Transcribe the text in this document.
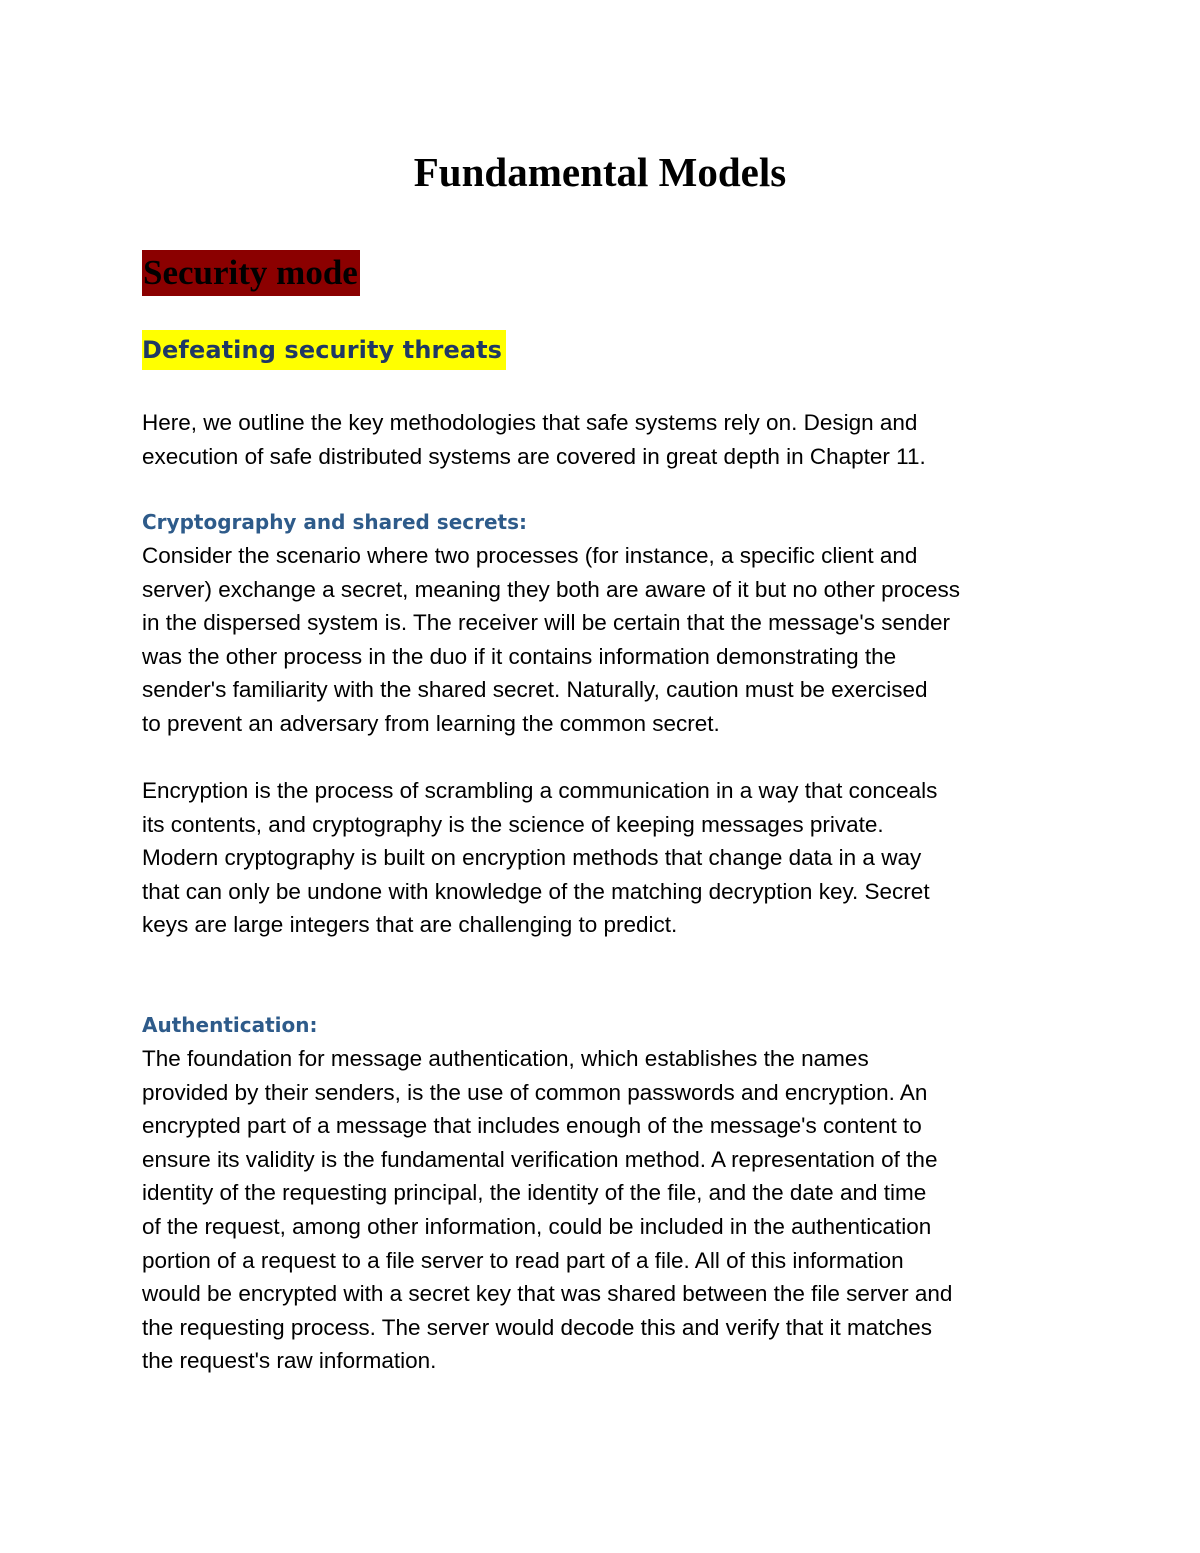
Fundamental Models
Security mode
Defeating security threats

Here, we outline the key methodologies that safe systems rely on. Design and
execution of safe distributed systems are covered in great depth in Chapter 11.

Cryptography and shared secrets:

Consider the scenario where two processes (for instance, a specific client and
server) exchange a secret, meaning they both are aware of it but no other process
in the dispersed system is. The receiver will be certain that the message's sender
was the other process in the duo if it contains information demonstrating the
sender's familiarity with the shared secret. Naturally, caution must be exercised
to prevent an adversary from learning the common secret.

Encryption is the process of scrambling a communication in a way that conceals
its contents, and cryptography is the science of keeping messages private.
Modern cryptography is built on encryption methods that change data in a way
that can only be undone with knowledge of the matching decryption key. Secret
keys are large integers that are challenging to predict.

Authentication:

The foundation for message authentication, which establishes the names
provided by their senders, is the use of common passwords and encryption. An
encrypted part of a message that includes enough of the message's content to
ensure its validity is the fundamental verification method. A representation of the
identity of the requesting principal, the identity of the file, and the date and time
of the request, among other information, could be included in the authentication
portion of a request to a file server to read part of a file. All of this information
would be encrypted with a secret key that was shared between the file server and
the requesting process. The server would decode this and verify that it matches
the request's raw information.
